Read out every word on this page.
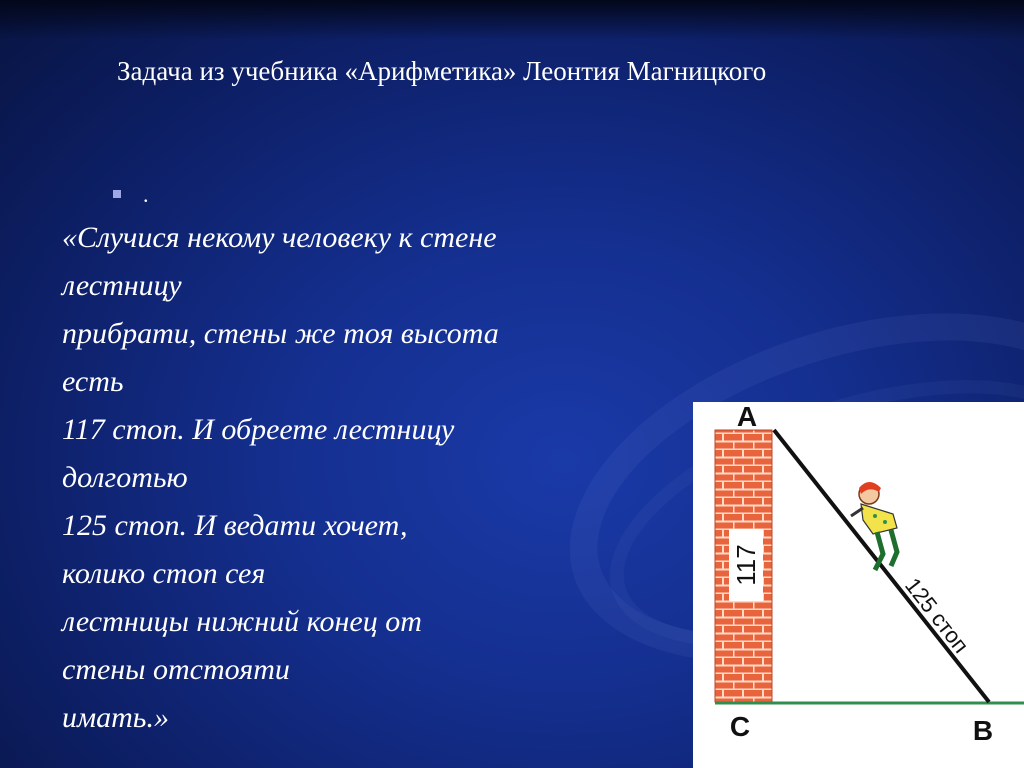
Задача из учебника «Арифметика» Леонтия Магницкого
.
«Случися некому человеку к стене
лестницу
прибрати, стены же тоя высота
есть
117 стоп. И обреете лестницу
долготью
125 стоп. И ведати хочет,
колико стоп сея
лестницы нижний конец от
стены отстояти
имать.»
117
125 стоп
A
C	B
